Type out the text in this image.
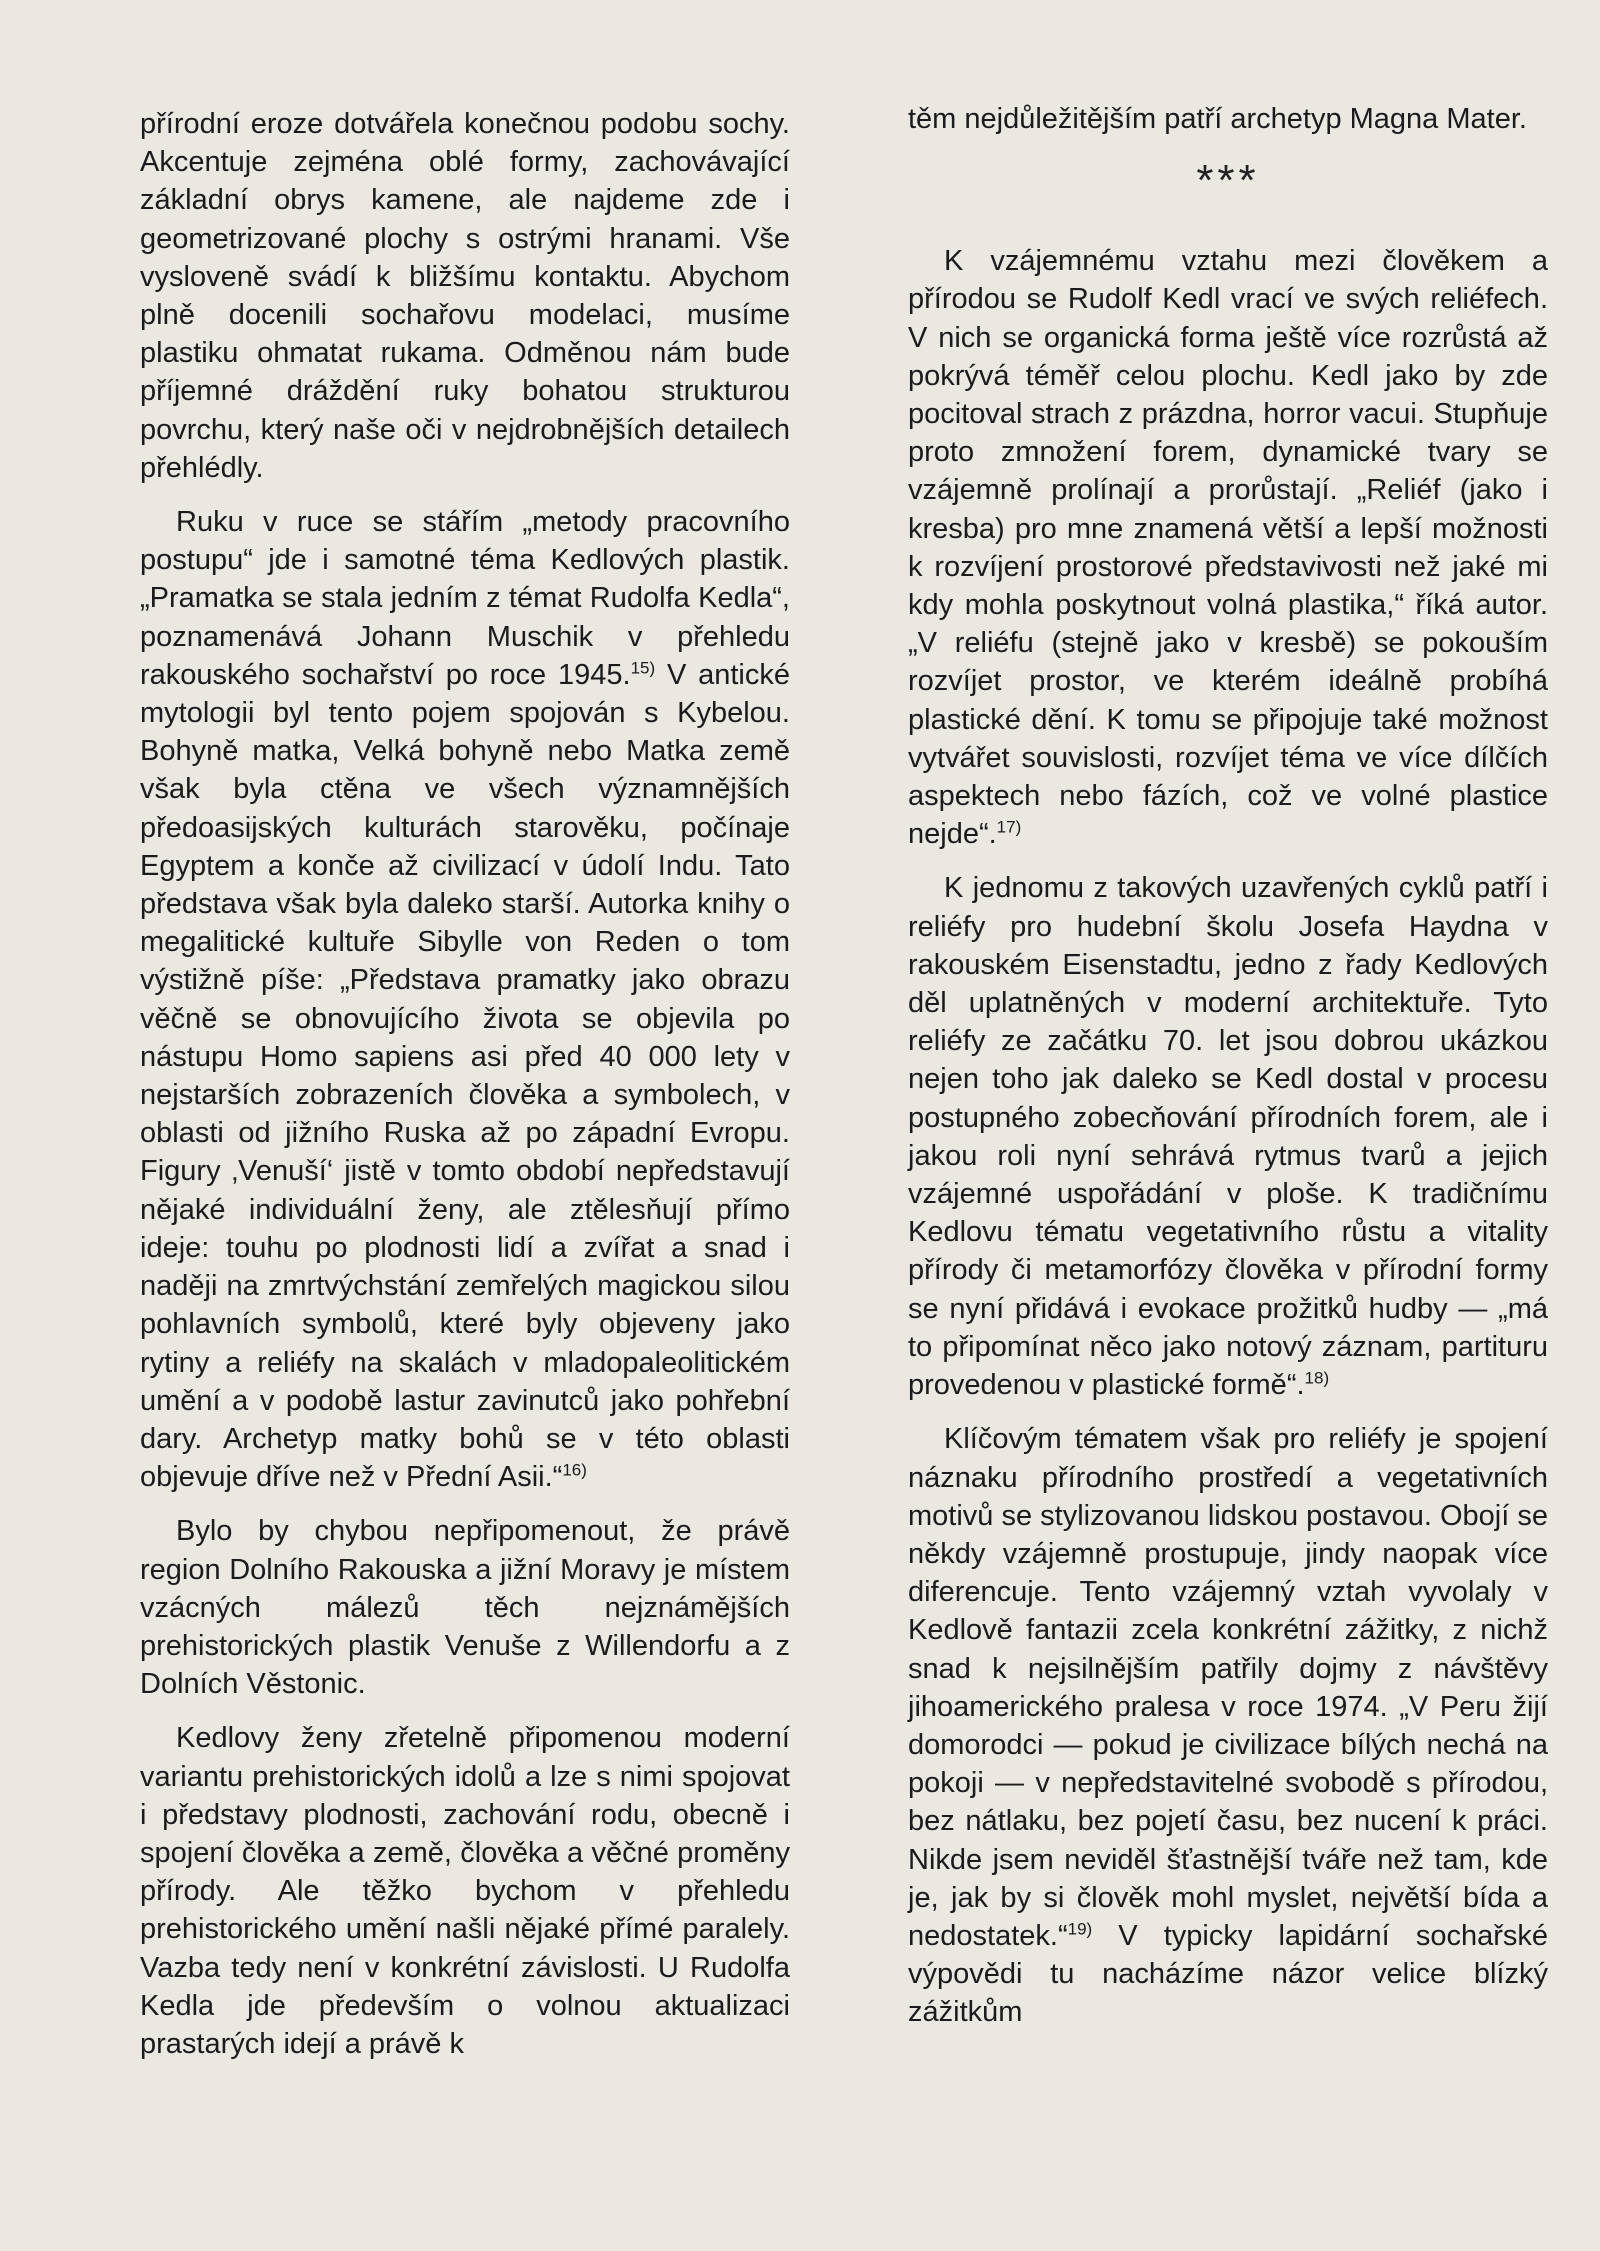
přírodní eroze dotvářela konečnou podobu sochy. Akcentuje zejména oblé formy, zachovávající základní obrys kamene, ale najdeme zde i geometrizované plochy s ostrými hranami. Vše vysloveně svádí k bližšímu kontaktu. Abychom plně docenili sochařovu modelaci, musíme plastiku ohmatat rukama. Odměnou nám bude příjemné dráždění ruky bohatou strukturou povrchu, který naše oči v nejdrobnějších detailech přehlédly.

Ruku v ruce se stářím „metody pracovního postupu“ jde i samotné téma Kedlových plastik. „Pramatka se stala jedním z témat Rudolfa Kedla“, poznamenává Johann Muschik v přehledu rakouského sochařství po roce 1945.$^{15)}$ V antické mytologii byl tento pojem spojován s Kybelou. Bohyně matka, Velká bohyně nebo Matka země však byla ctěna ve všech významnějších předoasijských kulturách starověku, počínaje Egyptem a konče až civilizací v údolí Indu. Tato představa však byla daleko starší. Autorka knihy o megalitické kultuře Sibylle von Reden o tom výstižně píše: „Představa pramatky jako obrazu věčně se obnovujícího života se objevila po nástupu Homo sapiens asi před 40 000 lety v nejstarších zobrazeních člověka a symbolech, v oblasti od jižního Ruska až po západní Evropu. Figury ‚Venuší‘ jistě v tomto období nepředstavují nějaké individuální ženy, ale ztělesňují přímo ideje: touhu po plodnosti lidí a zvířat a snad i naději na zmrtvýchstání zemřelých magickou silou pohlavních symbolů, které byly objeveny jako rytiny a reliéfy na skalách v mladopaleolitickém umění a v podobě lastur zavinutců jako pohřební dary. Archetyp matky bohů se v této oblasti objevuje dříve než v Přední Asii.“$^{16)}$

Bylo by chybou nepřipomenout, že právě region Dolního Rakouska a jižní Moravy je místem vzácných málezů těch nejznámějších prehistorických plastik Venuše z Willendorfu a z Dolních Věstonic.

Kedlovy ženy zřetelně připomenou moderní variantu prehistorických idolů a lze s nimi spojovat i představy plodnosti, zachování rodu, obecně i spojení člověka a země, člověka a věčné proměny přírody. Ale těžko bychom v přehledu prehistorického umění našli nějaké přímé paralely. Vazba tedy není v konkrétní závislosti. U Rudolfa Kedla jde především o volnou aktualizaci prastarých idejí a právě k

těm nejdůležitějším patří archetyp Magna Mater.

***

K vzájemnému vztahu mezi člověkem a přírodou se Rudolf Kedl vrací ve svých reliéfech. V nich se organická forma ještě více rozrůstá až pokrývá téměř celou plochu. Kedl jako by zde pocitoval strach z prázdna, horror vacui. Stupňuje proto zmnožení forem, dynamické tvary se vzájemně prolínají a prorůstají. „Reliéf (jako i kresba) pro mne znamená větší a lepší možnosti k rozvíjení prostorové představivosti než jaké mi kdy mohla poskytnout volná plastika,“ říká autor. „V reliéfu (stejně jako v kresbě) se pokouším rozvíjet prostor, ve kterém ideálně probíhá plastické dění. K tomu se připojuje také možnost vytvářet souvislosti, rozvíjet téma ve více dílčích aspektech nebo fázích, což ve volné plastice nejde“.$^{17)}$

K jednomu z takových uzavřených cyklů patří i reliéfy pro hudební školu Josefa Haydna v rakouském Eisenstadtu, jedno z řady Kedlových děl uplatněných v moderní architektuře. Tyto reliéfy ze začátku 70. let jsou dobrou ukázkou nejen toho jak daleko se Kedl dostal v procesu postupného zobecňování přírodních forem, ale i jakou roli nyní sehrává rytmus tvarů a jejich vzájemné uspořádání v ploše. K tradičnímu Kedlovu tématu vegetativního růstu a vitality přírody či metamorfózy člověka v přírodní formy se nyní přidává i evokace prožitků hudby — „má to připomínat něco jako notový záznam, partituru provedenou v plastické formě“.$^{18)}$

Klíčovým tématem však pro reliéfy je spojení náznaku přírodního prostředí a vegetativních motivů se stylizovanou lidskou postavou. Obojí se někdy vzájemně prostupuje, jindy naopak více diferencuje. Tento vzájemný vztah vyvolaly v Kedlově fantazii zcela konkrétní zážitky, z nichž snad k nejsilnějším patřily dojmy z návštěvy jihoamerického pralesa v roce 1974. „V Peru žijí domorodci — pokud je civilizace bílých nechá na pokoji — v nepředstavitelné svobodě s přírodou, bez nátlaku, bez pojetí času, bez nucení k práci. Nikde jsem neviděl šťastnější tváře než tam, kde je, jak by si člověk mohl myslet, největší bída a nedostatek.“$^{19)}$ V typicky lapidární sochařské výpovědi tu nacházíme názor velice blízký zážitkům
